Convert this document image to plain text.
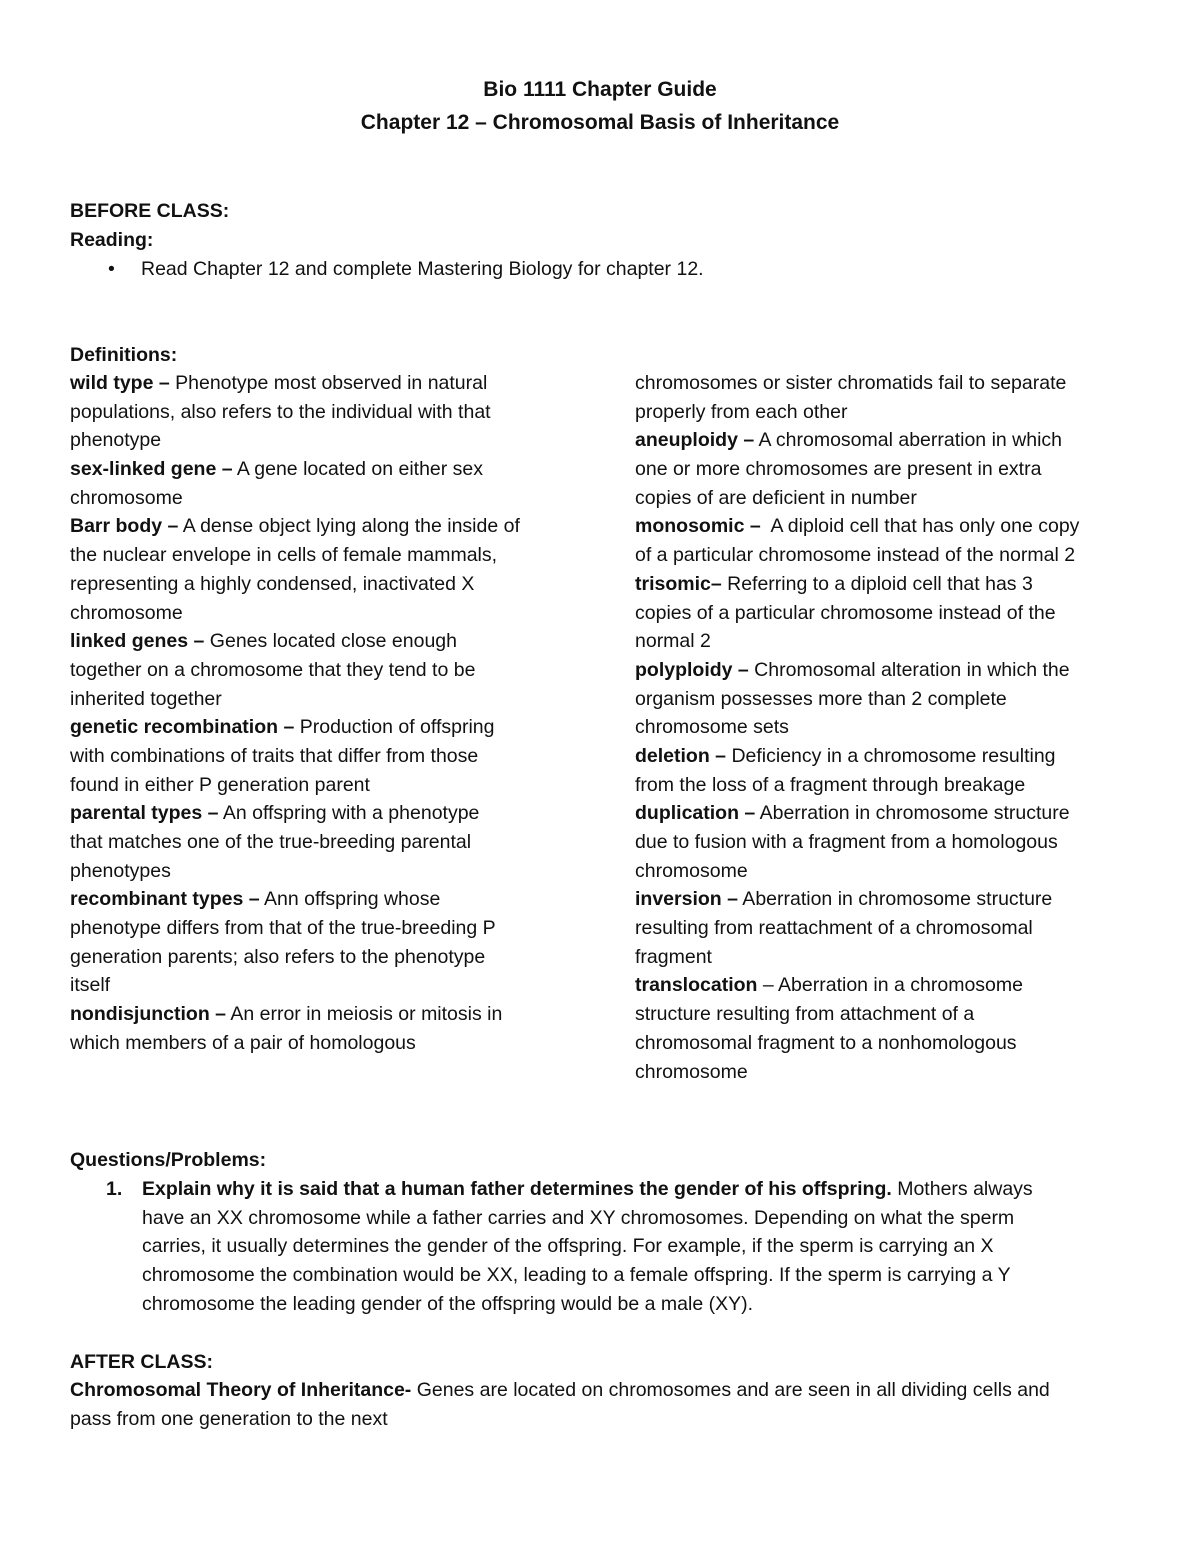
Bio 1111 Chapter Guide
Chapter 12 – Chromosomal Basis of Inheritance
BEFORE CLASS:
Reading:
•	Read Chapter 12 and complete Mastering Biology for chapter 12.
Definitions:
wild type – Phenotype most observed in natural
populations, also refers to the individual with that
phenotype
sex-linked gene – A gene located on either sex
chromosome
Barr body – A dense object lying along the inside of
the nuclear envelope in cells of female mammals,
representing a highly condensed, inactivated X
chromosome
linked genes – Genes located close enough
together on a chromosome that they tend to be
inherited together
genetic recombination – Production of offspring
with combinations of traits that differ from those
found in either P generation parent
parental types – An offspring with a phenotype
that matches one of the true-breeding parental
phenotypes
recombinant types – Ann offspring whose
phenotype differs from that of the true-breeding P
generation parents; also refers to the phenotype
itself
nondisjunction – An error in meiosis or mitosis in
which members of a pair of homologous
chromosomes or sister chromatids fail to separate
properly from each other
aneuploidy – A chromosomal aberration in which
one or more chromosomes are present in extra
copies of are deficient in number
monosomic –  A diploid cell that has only one copy
of a particular chromosome instead of the normal 2
trisomic– Referring to a diploid cell that has 3
copies of a particular chromosome instead of the
normal 2
polyploidy – Chromosomal alteration in which the
organism possesses more than 2 complete
chromosome sets
deletion – Deficiency in a chromosome resulting
from the loss of a fragment through breakage
duplication – Aberration in chromosome structure
due to fusion with a fragment from a homologous
chromosome
inversion – Aberration in chromosome structure
resulting from reattachment of a chromosomal
fragment
translocation – Aberration in a chromosome
structure resulting from attachment of a
chromosomal fragment to a nonhomologous
chromosome
Questions/Problems:
1. Explain why it is said that a human father determines the gender of his offspring. Mothers always
have an XX chromosome while a father carries and XY chromosomes. Depending on what the sperm
carries, it usually determines the gender of the offspring. For example, if the sperm is carrying an X
chromosome the combination would be XX, leading to a female offspring. If the sperm is carrying a Y
chromosome the leading gender of the offspring would be a male (XY).
AFTER CLASS:
Chromosomal Theory of Inheritance- Genes are located on chromosomes and are seen in all dividing cells and
pass from one generation to the next
